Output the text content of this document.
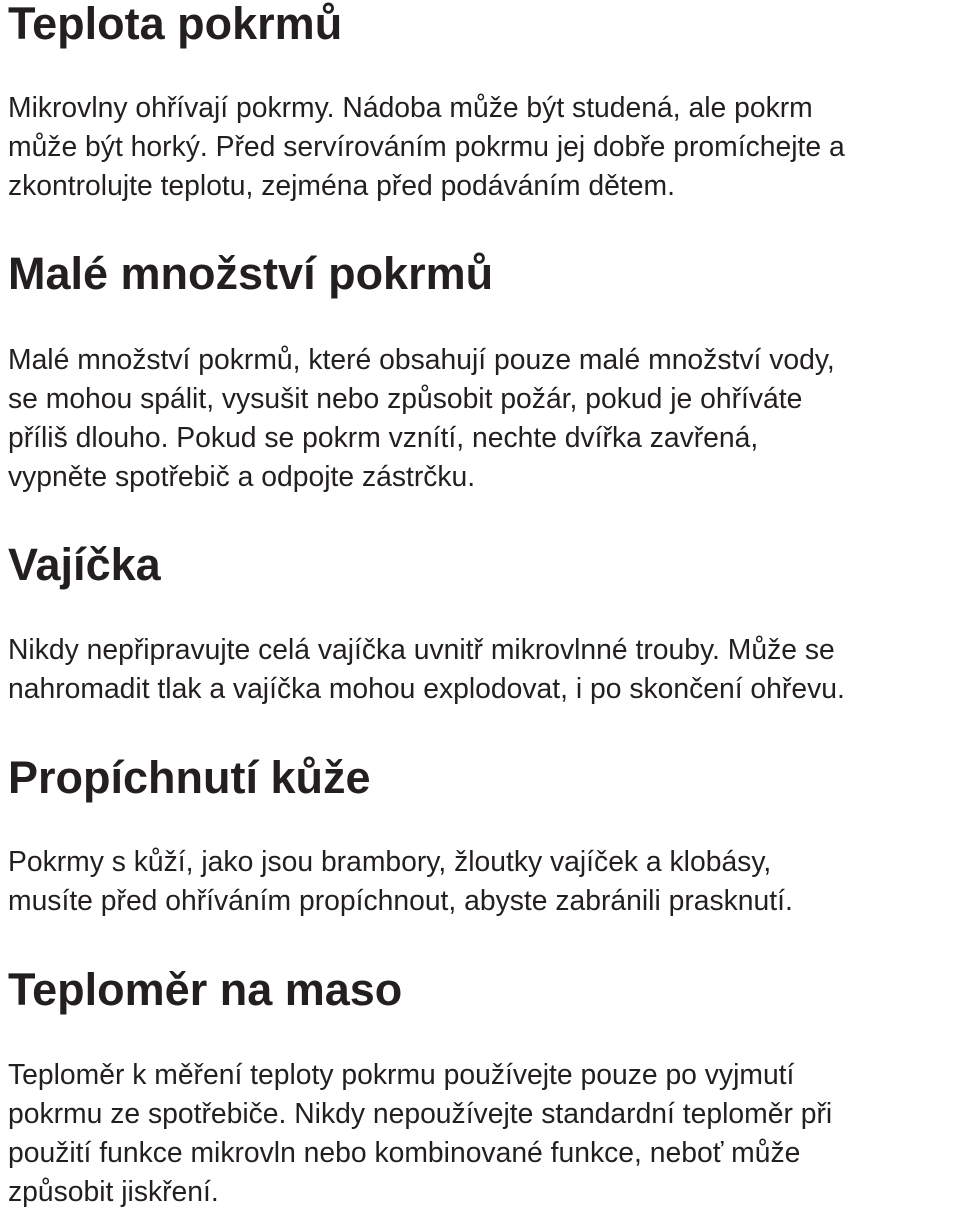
Teplota pokrmů

Mikrovlny ohřívají pokrmy. Nádoba může být studená, ale pokrm
může být horký. Před servírováním pokrmu jej dobře promíchejte a
zkontrolujte teplotu, zejména před podáváním dětem.

Malé množství pokrmů

Malé množství pokrmů, které obsahují pouze malé množství vody,
se mohou spálit, vysušit nebo způsobit požár, pokud je ohříváte
příliš dlouho. Pokud se pokrm vznítí, nechte dvířka zavřená,
vypněte spotřebič a odpojte zástrčku.

Vajíčka

Nikdy nepřipravujte celá vajíčka uvnitř mikrovlnné trouby. Může se
nahromadit tlak a vajíčka mohou explodovat, i po skončení ohřevu.

Propíchnutí kůže

Pokrmy s kůží, jako jsou brambory, žloutky vajíček a klobásy,
musíte před ohříváním propíchnout, abyste zabránili prasknutí.

Teploměr na maso

Teploměr k měření teploty pokrmu používejte pouze po vyjmutí
pokrmu ze spotřebiče. Nikdy nepoužívejte standardní teploměr při
použití funkce mikrovln nebo kombinované funkce, neboť může
způsobit jiskření.
